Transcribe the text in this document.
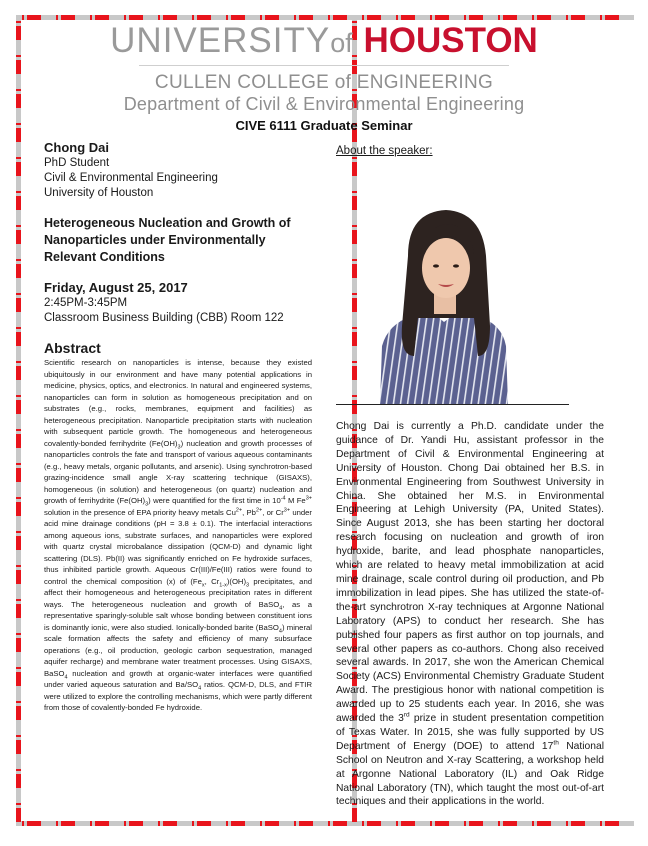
UNIVERSITYof HOUSTON
CULLEN COLLEGE of ENGINEERING
Department of Civil & Environmental Engineering
CIVE 6111 Graduate Seminar
Chong Dai
PhD Student
Civil & Environmental Engineering
University of Houston
Heterogeneous Nucleation and Growth of Nanoparticles under Environmentally Relevant Conditions
Friday, August 25, 2017
2:45PM-3:45PM
Classroom Business Building (CBB) Room 122
Abstract
Scientific research on nanoparticles is intense, because they existed ubiquitously in our environment and have many potential applications in medicine, physics, optics, and electronics. In natural and engineered systems, nanoparticles can form in solution as homogeneous precipitation and on substrates (e.g., rocks, membranes, equipment and facilities) as heterogeneous precipitation. Nanoparticle precipitation starts with nucleation with subsequent particle growth. The homogeneous and heterogeneous covalently-bonded ferrihydrite $(Fe(OH)_3)$ nucleation and growth processes of nanoparticles controls the fate and transport of various aqueous contaminants (e.g., heavy metals, organic pollutants, and arsenic). Using synchrotron-based grazing-incidence small angle X-ray scattering technique (GISAXS), homogeneous (in solution) and heterogeneous (on quartz) nucleation and growth of ferrihydrite $(Fe(OH)_3)$ were quantified for the first time in $10^{-4}$ M $Fe^{3+}$ solution in the presence of EPA priority heavy metals $Cu^{2+}$, $Pb^{2+}$, or $Cr^{3+}$ under acid mine drainage conditions (pH = 3.8 ± 0.1). The interfacial interactions among aqueous ions, substrate surfaces, and nanoparticles were explored with quartz crystal microbalance dissipation (QCM-D) and dynamic light scattering (DLS). Pb(II) was significantly enriched on Fe hydroxide surfaces, thus inhibited particle growth. Aqueous Cr(III)/Fe(III) ratios were found to control the chemical composition (x) of ($Fe_x$, $Cr_{1-x})(OH)_3$ precipitates, and affect their homogeneous and heterogeneous precipitation rates in different ways. The heterogeneous nucleation and growth of BaSO$_4$, as a representative sparingly-soluble salt whose bonding between constituent ions is dominantly ionic, were also studied. Ionically-bonded barite (BaSO$_4$) mineral scale formation affects the safety and efficiency of many subsurface operations (e.g., oil production, geologic carbon sequestration, managed aquifer recharge) and membrane water treatment processes. Using GISAXS, BaSO$_4$ nucleation and growth at organic-water interfaces were quantified under varied aqueous saturation and $Ba/SO_4$ ratios. QCM-D, DLS, and FTIR were utilized to explore the controlling mechanisms, which were partly different from those of covalently-bonded Fe hydroxide.
About the speaker:
Chong Dai is currently a Ph.D. candidate under the guidance of Dr. Yandi Hu, assistant professor in the Department of Civil & Environmental Engineering at University of Houston. Chong Dai obtained her B.S. in Environmental Engineering from Southwest University in China. She obtained her M.S. in Environmental Engineering at Lehigh University (PA, United States). Since August 2013, she has been starting her doctoral research focusing on nucleation and growth of iron hydroxide, barite, and lead phosphate nanoparticles, which are related to heavy metal immobilization at acid mine drainage, scale control during oil production, and Pb immobilization in lead pipes. She has utilized the state-of-the-art synchrotron X-ray techniques at Argonne National Laboratory (APS) to conduct her research. She has published four papers as first author on top journals, and several other papers as co-authors. Chong also received several awards. In 2017, she won the American Chemical Society (ACS) Environmental Chemistry Graduate Student Award. The prestigious honor with national competition is awarded up to 25 students each year. In 2016, she was awarded the 3rd prize in student presentation competition of Texas Water. In 2015, she was fully supported by US Department of Energy (DOE) to attend 17th National School on Neutron and X-ray Scattering, a workshop held at Argonne National Laboratory (IL) and Oak Ridge National Laboratory (TN), which taught the most out-of-art techniques and their applications in the world.
